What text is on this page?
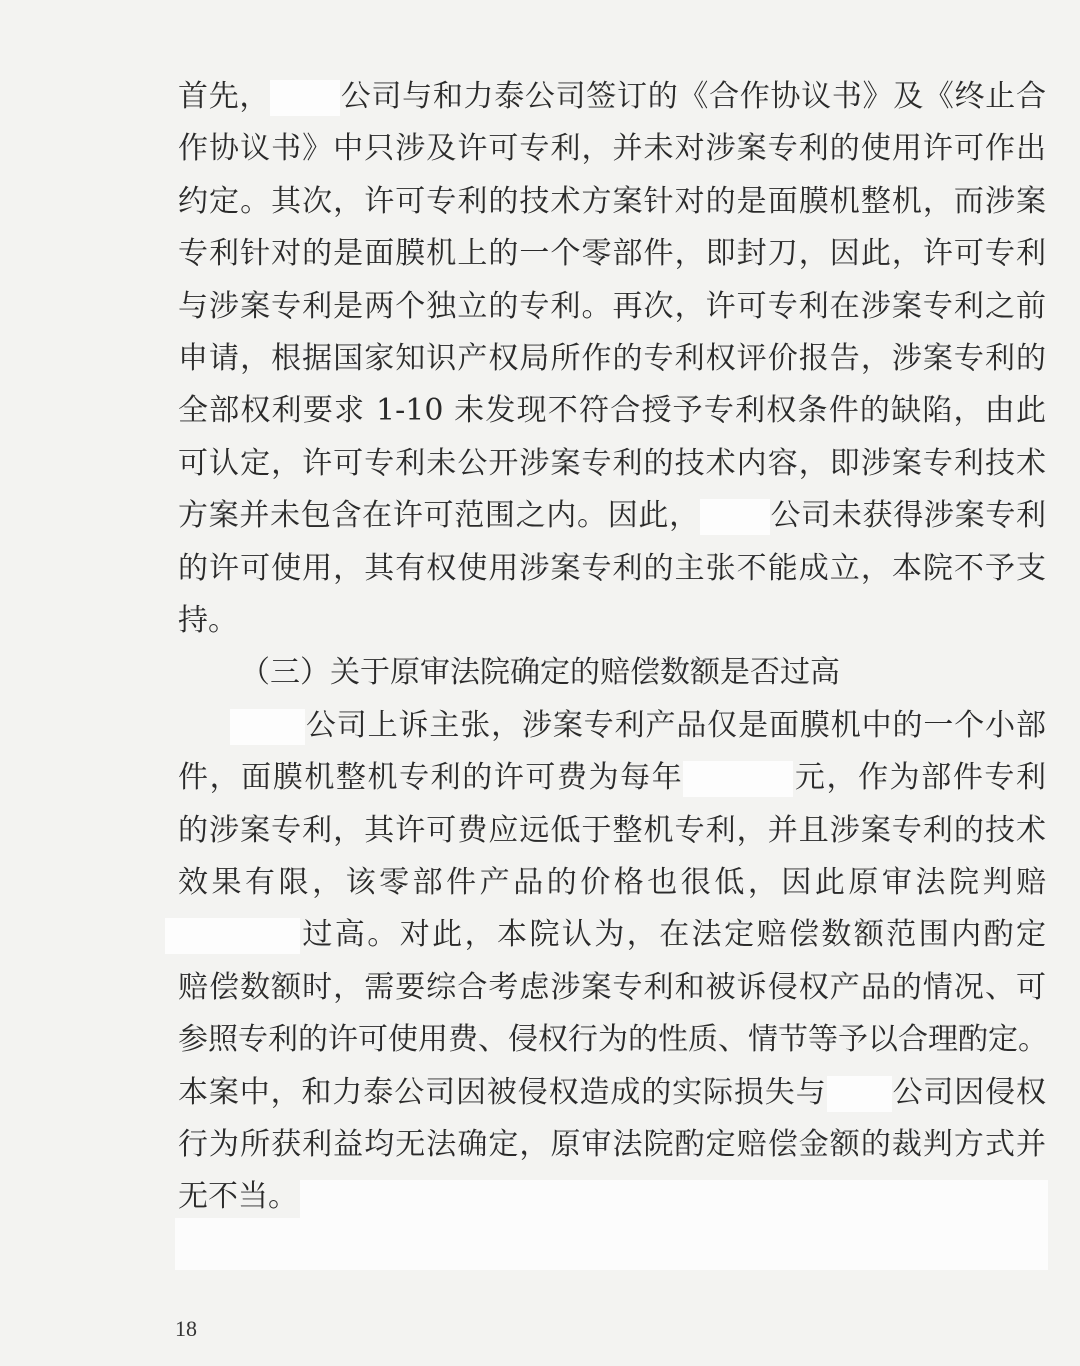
首先， 公司与和力泰公司签订的《合作协议书》及《终止合
作协议书》中只涉及许可专利，并未对涉案专利的使用许可作出
约定。其次，许可专利的技术方案针对的是面膜机整机，而涉案
专利针对的是面膜机上的一个零部件，即封刀，因此，许可专利
与涉案专利是两个独立的专利。再次，许可专利在涉案专利之前
申请，根据国家知识产权局所作的专利权评价报告，涉案专利的
全部权利要求 1-10 未发现不符合授予专利权条件的缺陷，由此
可认定，许可专利未公开涉案专利的技术内容，即涉案专利技术
方案并未包含在许可范围之内。因此， 公司未获得涉案专利
的许可使用，其有权使用涉案专利的主张不能成立，本院不予支
持。
（三）关于原审法院确定的赔偿数额是否过高
公司上诉主张，涉案专利产品仅是面膜机中的一个小部
件，面膜机整机专利的许可费为每年	元，作为部件专利
的涉案专利，其许可费应远低于整机专利，并且涉案专利的技术
效果有限，该零部件产品的价格也很低，因此原审法院判赔
过高。对此，本院认为，在法定赔偿数额范围内酌定
赔偿数额时，需要综合考虑涉案专利和被诉侵权产品的情况、可
参照专利的许可使用费、侵权行为的性质、情节等予以合理酌定。
本案中，和力泰公司因被侵权造成的实际损失与 公司因侵权
行为所获利益均无法确定，原审法院酌定赔偿金额的裁判方式并
无不当。
18
